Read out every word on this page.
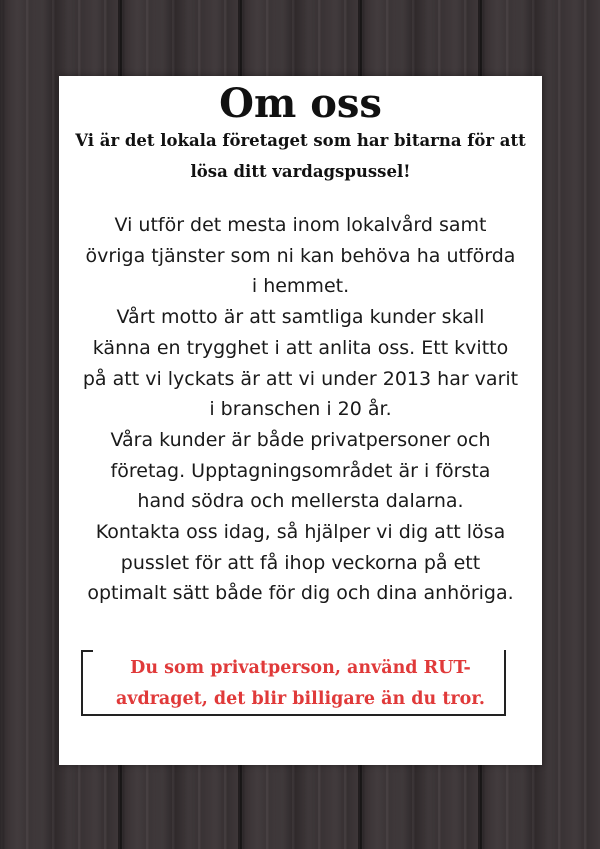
Om oss

Vi är det lokala företaget som har bitarna för att lösa ditt vardagspussel!

Vi utför det mesta inom lokalvård samt
övriga tjänster som ni kan behöva ha utförda
i hemmet.
Vårt motto är att samtliga kunder skall
känna en trygghet i att anlita oss. Ett kvitto
på att vi lyckats är att vi under 2013 har varit
i branschen i 20 år.
Våra kunder är både privatpersoner och
företag. Upptagningsområdet är i första
hand södra och mellersta dalarna.
Kontakta oss idag, så hjälper vi dig att lösa
pusslet för att få ihop veckorna på ett
optimalt sätt både för dig och dina anhöriga.
Du som privatperson, använd RUT-
avdraget, det blir billigare än du tror.
